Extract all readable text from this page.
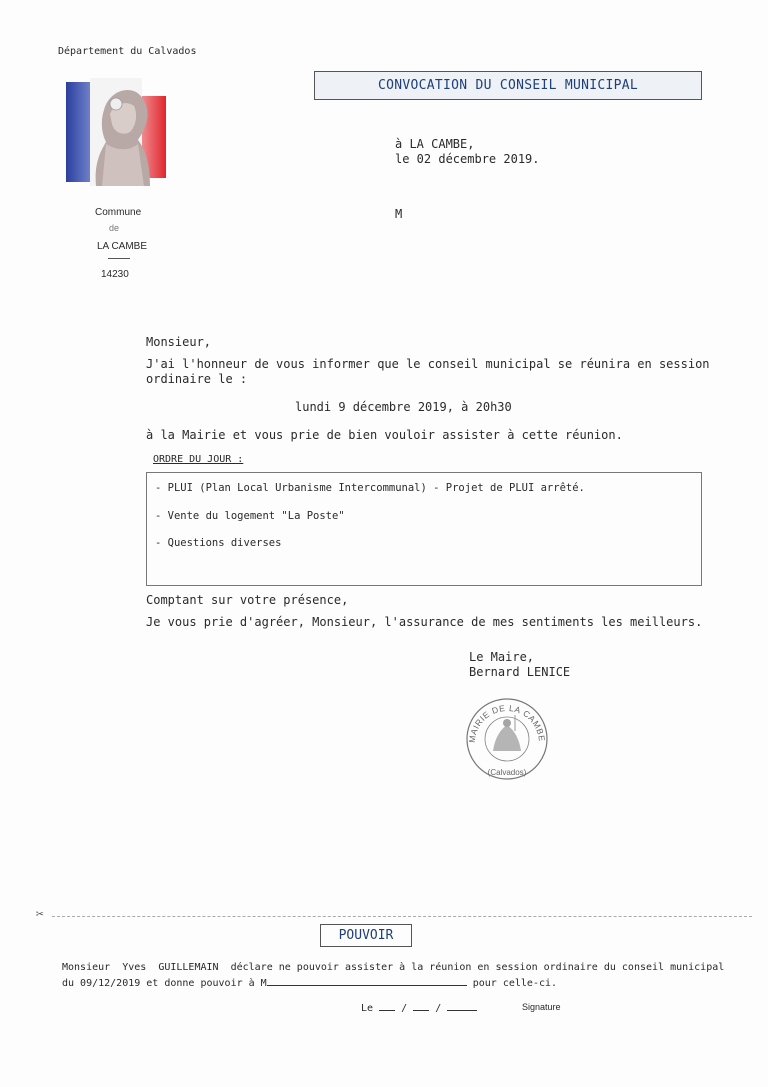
Département du Calvados
Commune
de
LA CAMBE
14230
CONVOCATION DU CONSEIL MUNICIPAL
à LA CAMBE,
le 02 décembre 2019.
M
Monsieur,
J'ai l'honneur de vous informer que le conseil municipal se réunira en session
ordinaire le :
lundi 9 décembre 2019, à 20h30
à la Mairie et vous prie de bien vouloir assister à cette réunion.
ORDRE DU JOUR :
- PLUI (Plan Local Urbanisme Intercommunal) - Projet de PLUI arrêté.
- Vente du logement "La Poste"
- Questions diverses
Comptant sur votre présence,
Je vous prie d'agréer, Monsieur, l'assurance de mes sentiments les meilleurs.
Le Maire,
Bernard LENICE
MAIRIE DE LA CAMBE
(Calvados)
✂
POUVOIR
Monsieur  Yves  GUILLEMAIN  déclare ne pouvoir assister à la réunion en session ordinaire du conseil municipal
du 09/12/2019 et donne pouvoir à M	pour celle-ci.
Le	/	/	Signature
